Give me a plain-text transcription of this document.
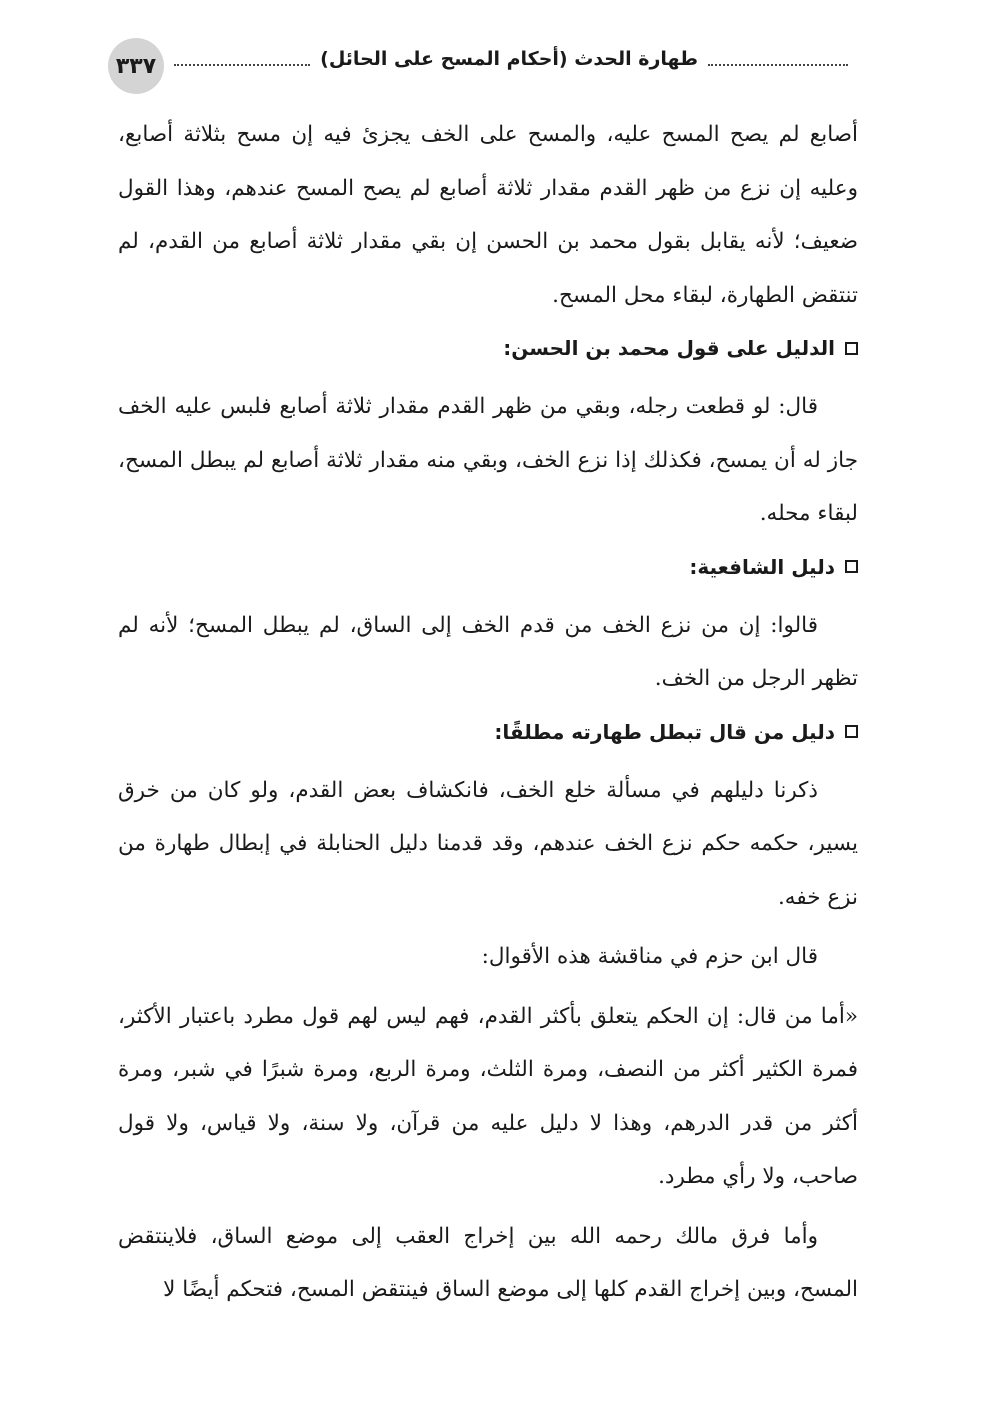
٣٣٧	طهارة الحدث (أحكام المسح على الحائل)

أصابع لم يصح المسح عليه، والمسح على الخف يجزئ فيه إن مسح بثلاثة أصابع، وعليه إن نزع من ظهر القدم مقدار ثلاثة أصابع لم يصح المسح عندهم، وهذا القول ضعيف؛ لأنه يقابل بقول محمد بن الحسن إن بقي مقدار ثلاثة أصابع من القدم، لم تنتقض الطهارة، لبقاء محل المسح.

الدليل على قول محمد بن الحسن:

قال: لو قطعت رجله، وبقي من ظهر القدم مقدار ثلاثة أصابع فلبس عليه الخف جاز له أن يمسح، فكذلك إذا نزع الخف، وبقي منه مقدار ثلاثة أصابع لم يبطل المسح، لبقاء محله.

دليل الشافعية:

قالوا: إن من نزع الخف من قدم الخف إلى الساق، لم يبطل المسح؛ لأنه لم تظهر الرجل من الخف.

دليل من قال تبطل طهارته مطلقًا:

ذكرنا دليلهم في مسألة خلع الخف، فانكشاف بعض القدم، ولو كان من خرق يسير، حكمه حكم نزع الخف عندهم، وقد قدمنا دليل الحنابلة في إبطال طهارة من نزع خفه.

قال ابن حزم في مناقشة هذه الأقوال:

«أما من قال: إن الحكم يتعلق بأكثر القدم، فهم ليس لهم قول مطرد باعتبار الأكثر، فمرة الكثير أكثر من النصف، ومرة الثلث، ومرة الربع، ومرة شبرًا في شبر، ومرة أكثر من قدر الدرهم، وهذا لا دليل عليه من قرآن، ولا سنة، ولا قياس، ولا قول صاحب، ولا رأي مطرد.

وأما فرق مالك رحمه الله بين إخراج العقب إلى موضع الساق، فلاينتقض المسح، وبين إخراج القدم كلها إلى موضع الساق فينتقض المسح، فتحكم أيضًا لا
